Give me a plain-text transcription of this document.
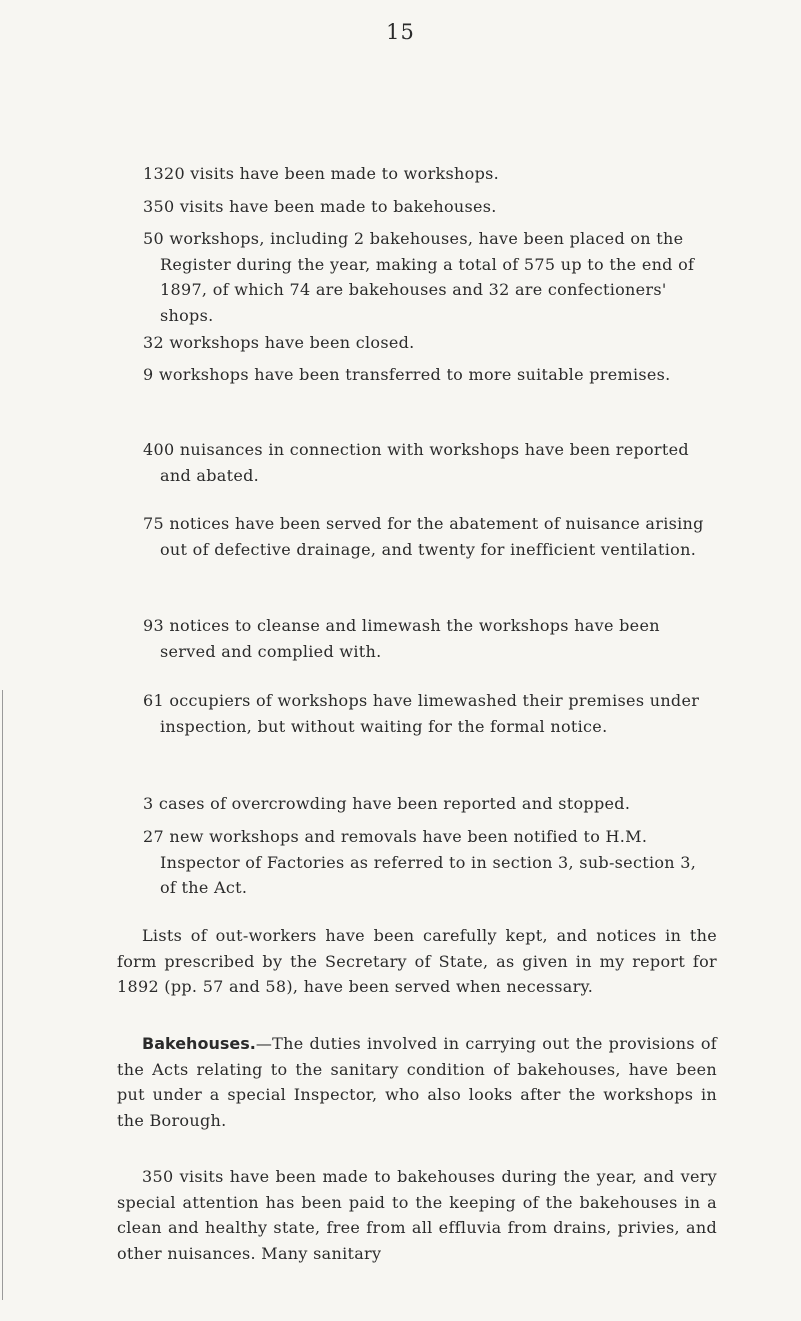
15
1320 visits have been made to workshops.
350 visits have been made to bakehouses.
50 workshops, including 2 bakehouses, have been placed on the Register during the year, making a total of 575 up to the end of 1897, of which 74 are bakehouses and 32 are confectioners' shops.
32 workshops have been closed.
9 workshops have been transferred to more suitable premises.
400 nuisances in connection with workshops have been reported and abated.
75 notices have been served for the abatement of nuisance arising out of defective drainage, and twenty for inefficient ventilation.
93 notices to cleanse and limewash the workshops have been served and complied with.
61 occupiers of workshops have limewashed their premises under inspection, but without waiting for the formal notice.
3 cases of overcrowding have been reported and stopped.
27 new workshops and removals have been notified to H.M. Inspector of Factories as referred to in section 3, sub-section 3, of the Act.
Lists of out-workers have been carefully kept, and notices in the form prescribed by the Secretary of State, as given in my report for 1892 (pp. 57 and 58), have been served when necessary.
Bakehouses.—The duties involved in carrying out the provisions of the Acts relating to the sanitary condition of bakehouses, have been put under a special Inspector, who also looks after the workshops in the Borough.
350 visits have been made to bakehouses during the year, and very special attention has been paid to the keeping of the bakehouses in a clean and healthy state, free from all effluvia from drains, privies, and other nuisances. Many sanitary
